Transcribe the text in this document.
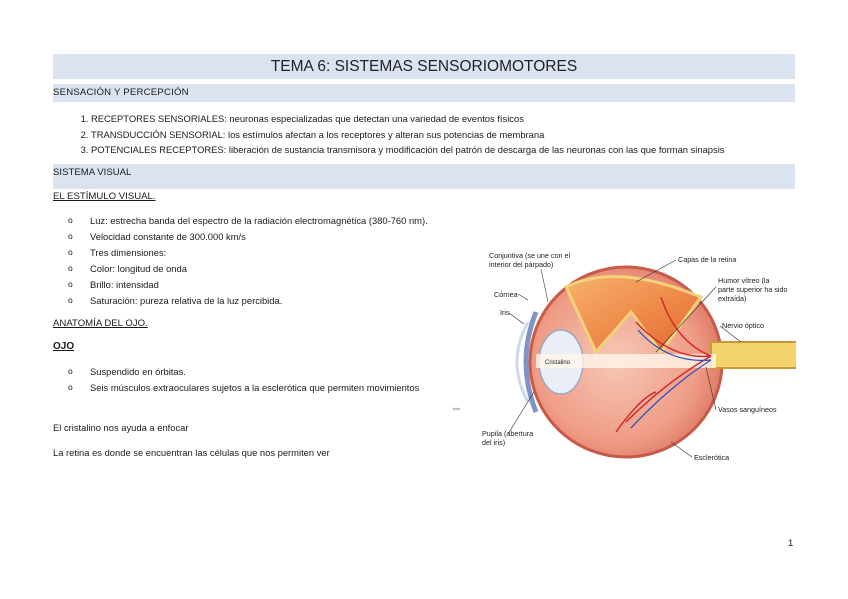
TEMA 6: SISTEMAS SENSORIOMOTORES
SENSACIÓN Y PERCEPCIÓN
1. RECEPTORES SENSORIALES: neuronas especializadas que detectan una variedad de eventos físicos
2. TRANSDUCCIÓN SENSORIAL: los estímulos afectan a los receptores y alteran sus potencias de membrana
3. POTENCIALES RECEPTORES: liberación de sustancia transmisora y modificación del patrón de descarga de las neuronas con las que forman sinapsis
SISTEMA VISUAL
EL ESTÍMULO VISUAL.
o Luz: estrecha banda del espectro de la radiación electromagnética (380-760 nm).
o Velocidad constante de 300.000 km/s
o Tres dimensiones:
o Color: longitud de onda
o Brillo: intensidad
o Saturación: pureza relativa de la luz percibida.
ANATOMÍA DEL OJO.
OJO
o Suspendido en órbitas.
o Seis músculos extraoculares sujetos a la esclerótica que permiten movimientos
El cristalino nos ayuda a enfocar
La retina es donde se encuentran las células que nos permiten ver
fckv
Conjuntiva (se une con el interior del párpado)
Córnea
Iris
Cristalino
Pupila (abertura del iris)
Capas de la retina
Humor vítreo (la parte superior ha sido extraída)
Nervio óptico
Vasos sanguíneos
Esclerótica
1
